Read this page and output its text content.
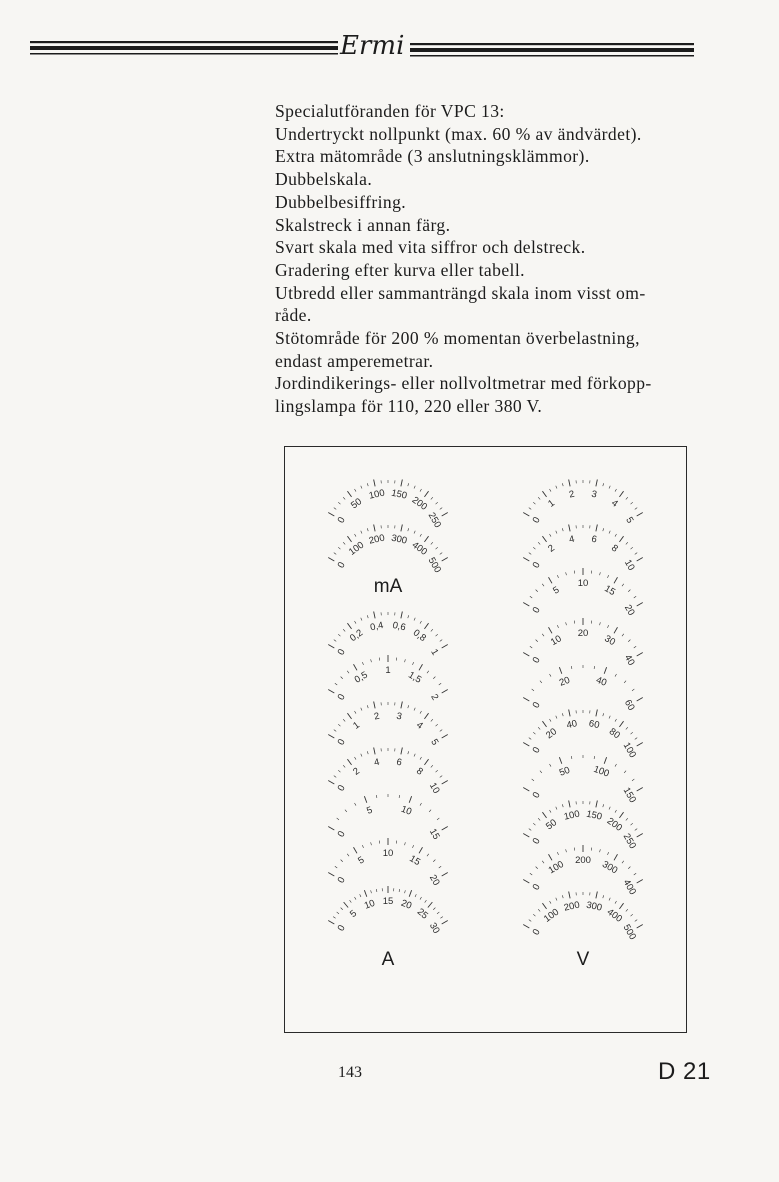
Ermi
Specialutföranden för VPC 13:
Undertryckt nollpunkt (max. 60 % av ändvärdet).
Extra mätområde (3 anslutningsklämmor).
Dubbelskala.
Dubbelbesiffring.
Skalstreck i annan färg.
Svart skala med vita siffror och delstreck.
Gradering efter kurva eller tabell.
Utbredd eller sammanträngd skala inom visst om-
råde.
Stötområde för 200 % momentan överbelastning,
endast amperemetrar.
Jordindikerings- eller nollvoltmetrar med förkopp-
lingslampa för 110, 220 eller 380 V.
0
50
100 150 200
250
0
100 200 300 400
500
mA
0
0,2
0,4 0,6
0,8
1
0
0,5 1 1,5
2
0
1
2 3
4
5
0
2
4 6
8
10
0
5	10
15
0
5
10 15
20
0
5
10 15 20
25
30
A
0
1
2 3
4
5
0
2
4 6
8
10
0
5
10 15
20
0
10 20 30
40
0
20 40
60
0
20
40 60
80
100
0
50 100
150
0
50
100 150 200
250
0
100 200 300
400
0
100 200 300 400
500
V
143	D 21
